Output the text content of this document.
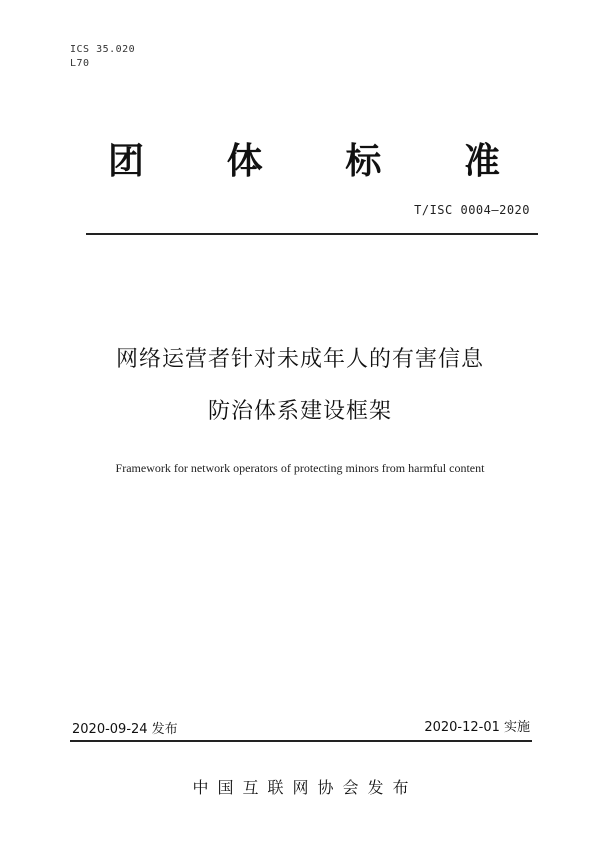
ICS 35.020
L70
团 体 标 准
T/ISC 0004—2020
网络运营者针对未成年人的有害信息
防治体系建设框架
Framework for network operators of protecting minors from harmful content
2020-09-24 发布	2020-12-01 实施
中国互联网协会发布
